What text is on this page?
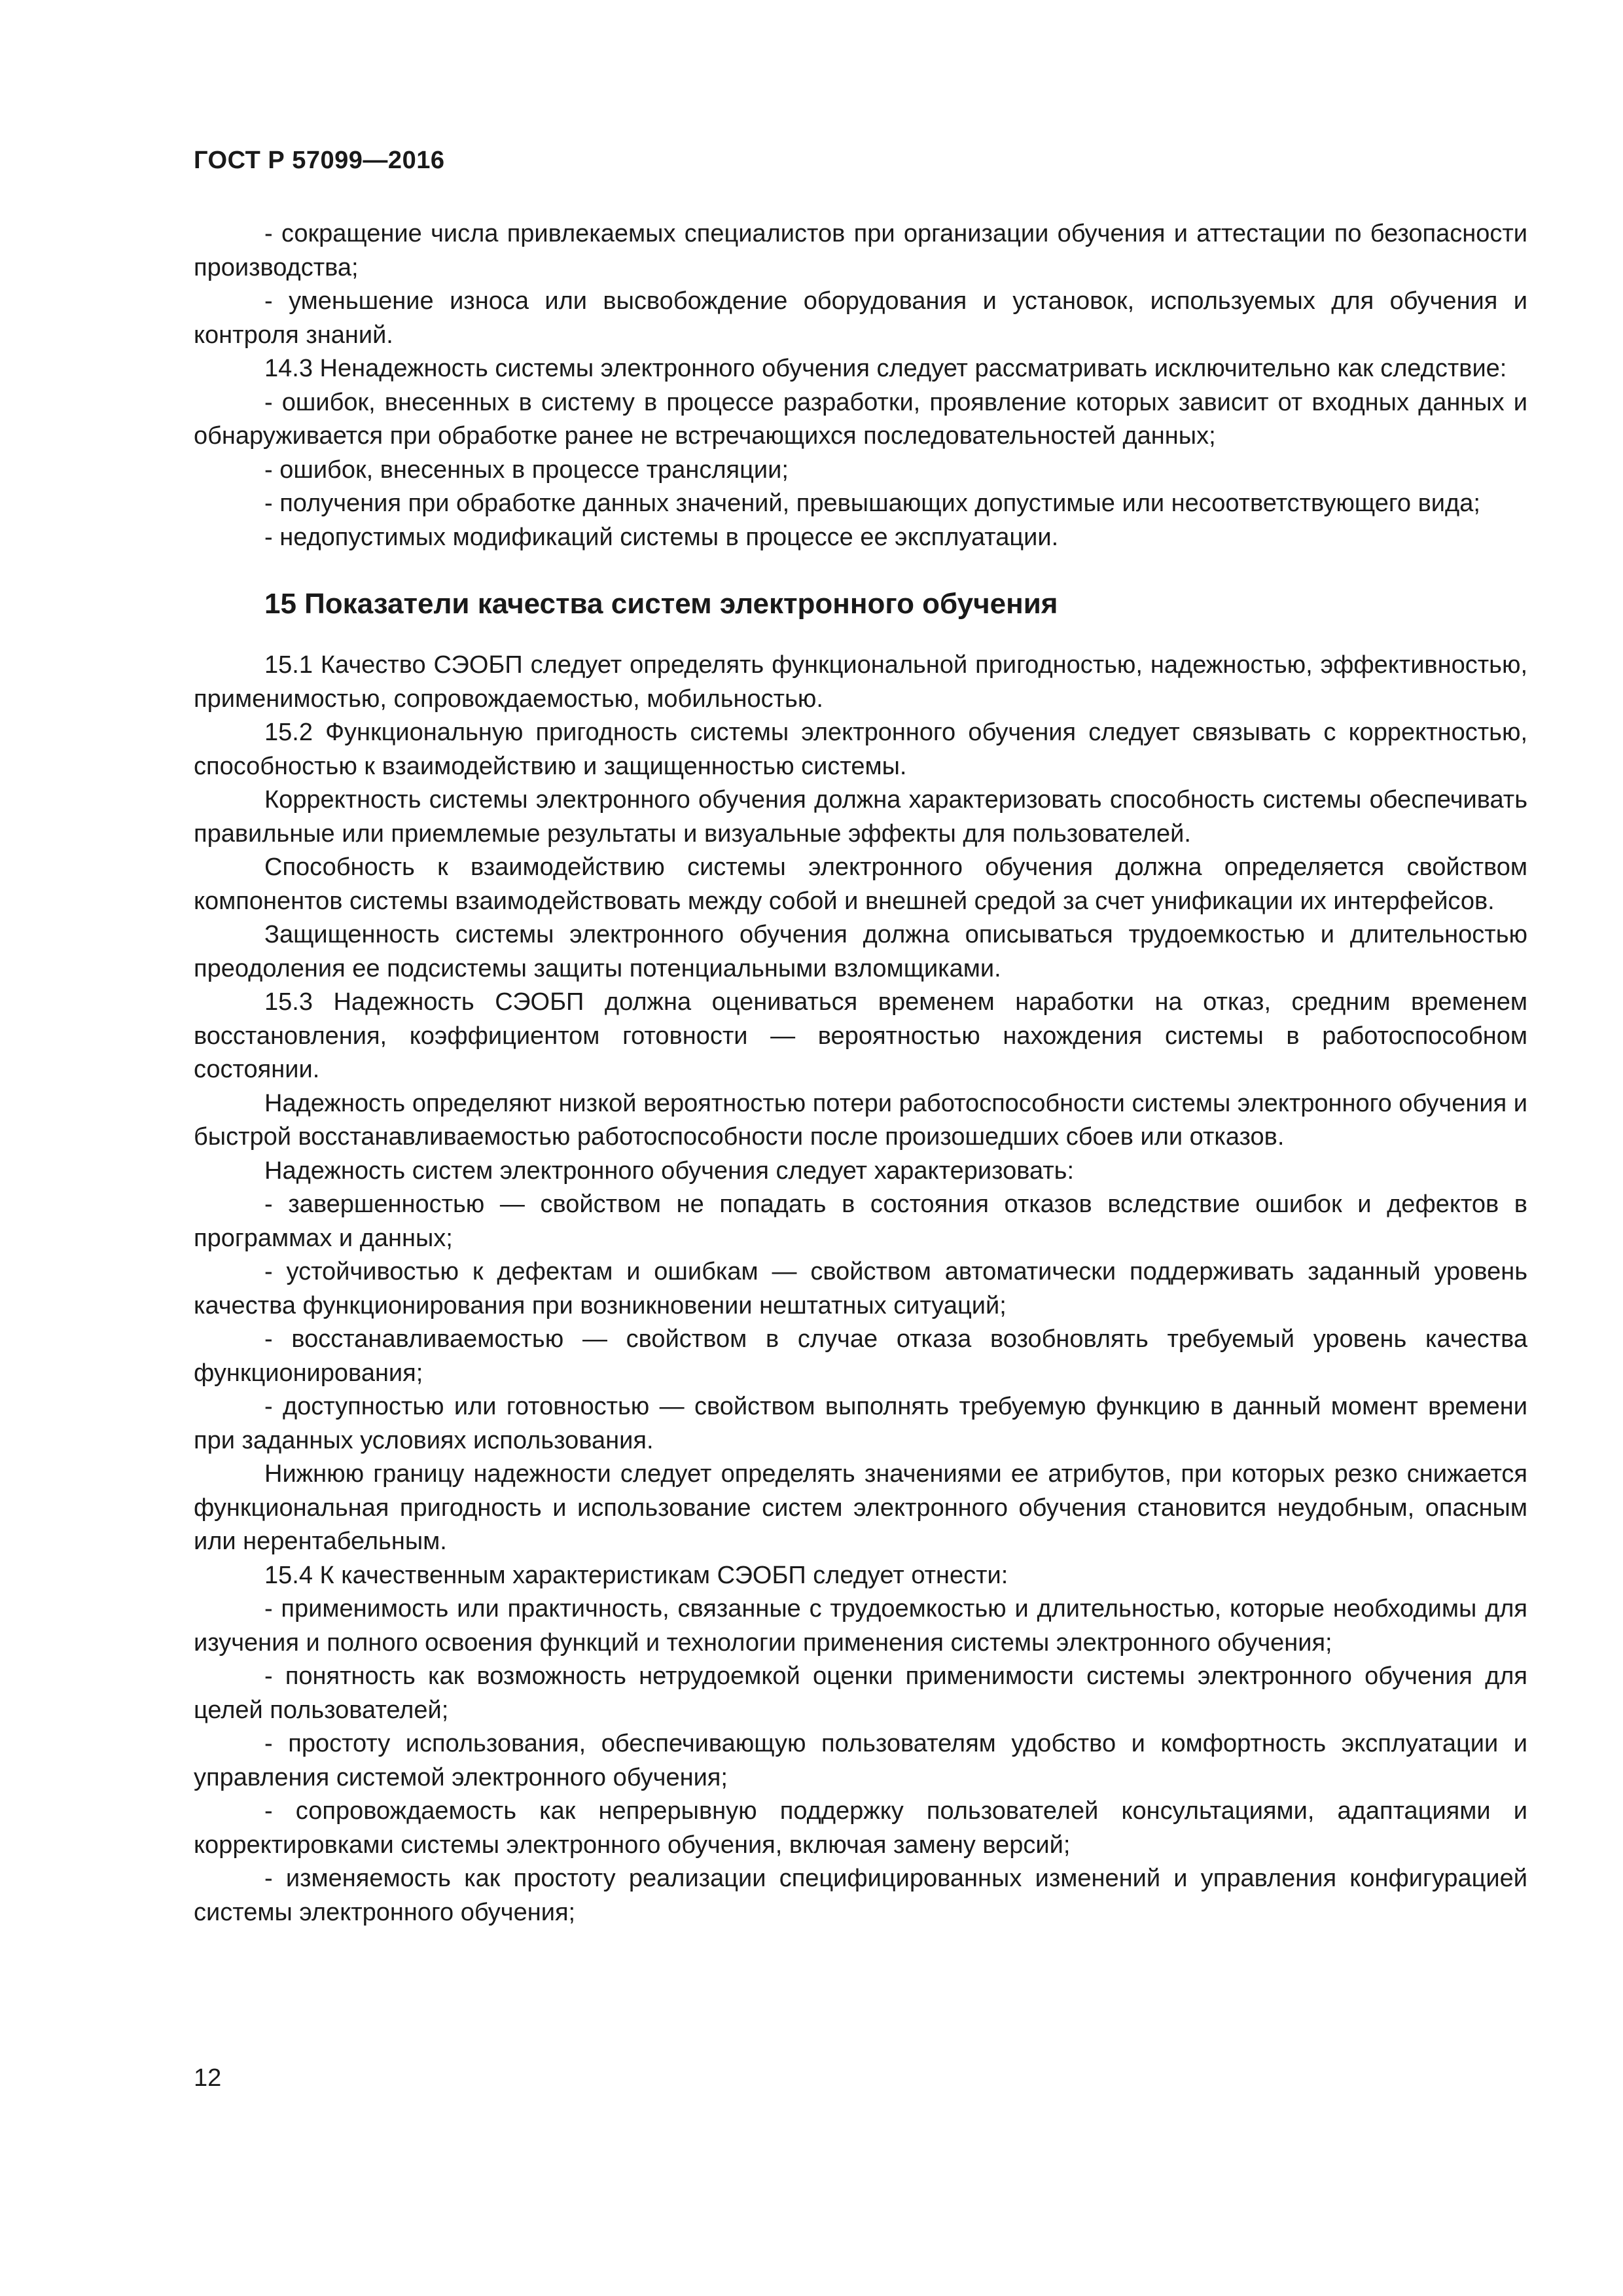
ГОСТ Р 57099—2016

- сокращение числа привлекаемых специалистов при организации обучения и аттестации по безопасности производства;

- уменьшение износа или высвобождение оборудования и установок, используемых для обучения и контроля знаний.

14.3 Ненадежность системы электронного обучения следует рассматривать исключительно как следствие:

- ошибок, внесенных в систему в процессе разработки, проявление которых зависит от входных данных и обнаруживается при обработке ранее не встречающихся последовательностей данных;

- ошибок, внесенных в процессе трансляции;

- получения при обработке данных значений, превышающих допустимые или несоответствующего вида;

- недопустимых модификаций системы в процессе ее эксплуатации.

15 Показатели качества систем электронного обучения

15.1 Качество СЭОБП следует определять функциональной пригодностью, надежностью, эффективностью, применимостью, сопровождаемостью, мобильностью.

15.2 Функциональную пригодность системы электронного обучения следует связывать с корректностью, способностью к взаимодействию и защищенностью системы.

Корректность системы электронного обучения должна характеризовать способность системы обеспечивать правильные или приемлемые результаты и визуальные эффекты для пользователей.

Способность к взаимодействию системы электронного обучения должна определяется свойством компонентов системы взаимодействовать между собой и внешней средой за счет унификации их интерфейсов.

Защищенность системы электронного обучения должна описываться трудоемкостью и длительностью преодоления ее подсистемы защиты потенциальными взломщиками.

15.3 Надежность СЭОБП должна оцениваться временем наработки на отказ, средним временем восстановления, коэффициентом готовности — вероятностью нахождения системы в работоспособном состоянии.

Надежность определяют низкой вероятностью потери работоспособности системы электронного обучения и быстрой восстанавливаемостью работоспособности после произошедших сбоев или отказов.

Надежность систем электронного обучения следует характеризовать:

- завершенностью — свойством не попадать в состояния отказов вследствие ошибок и дефектов в программах и данных;

- устойчивостью к дефектам и ошибкам — свойством автоматически поддерживать заданный уровень качества функционирования при возникновении нештатных ситуаций;

- восстанавливаемостью — свойством в случае отказа возобновлять требуемый уровень качества функционирования;

- доступностью или готовностью — свойством выполнять требуемую функцию в данный момент времени при заданных условиях использования.

Нижнюю границу надежности следует определять значениями ее атрибутов, при которых резко снижается функциональная пригодность и использование систем электронного обучения становится неудобным, опасным или нерентабельным.

15.4 К качественным характеристикам СЭОБП следует отнести:

- применимость или практичность, связанные с трудоемкостью и длительностью, которые необходимы для изучения и полного освоения функций и технологии применения системы электронного обучения;

- понятность как возможность нетрудоемкой оценки применимости системы электронного обучения для целей пользователей;

- простоту использования, обеспечивающую пользователям удобство и комфортность эксплуатации и управления системой электронного обучения;

- сопровождаемость как непрерывную поддержку пользователей консультациями, адаптациями и корректировками системы электронного обучения, включая замену версий;

- изменяемость как простоту реализации специфицированных изменений и управления конфигурацией системы электронного обучения;

12
